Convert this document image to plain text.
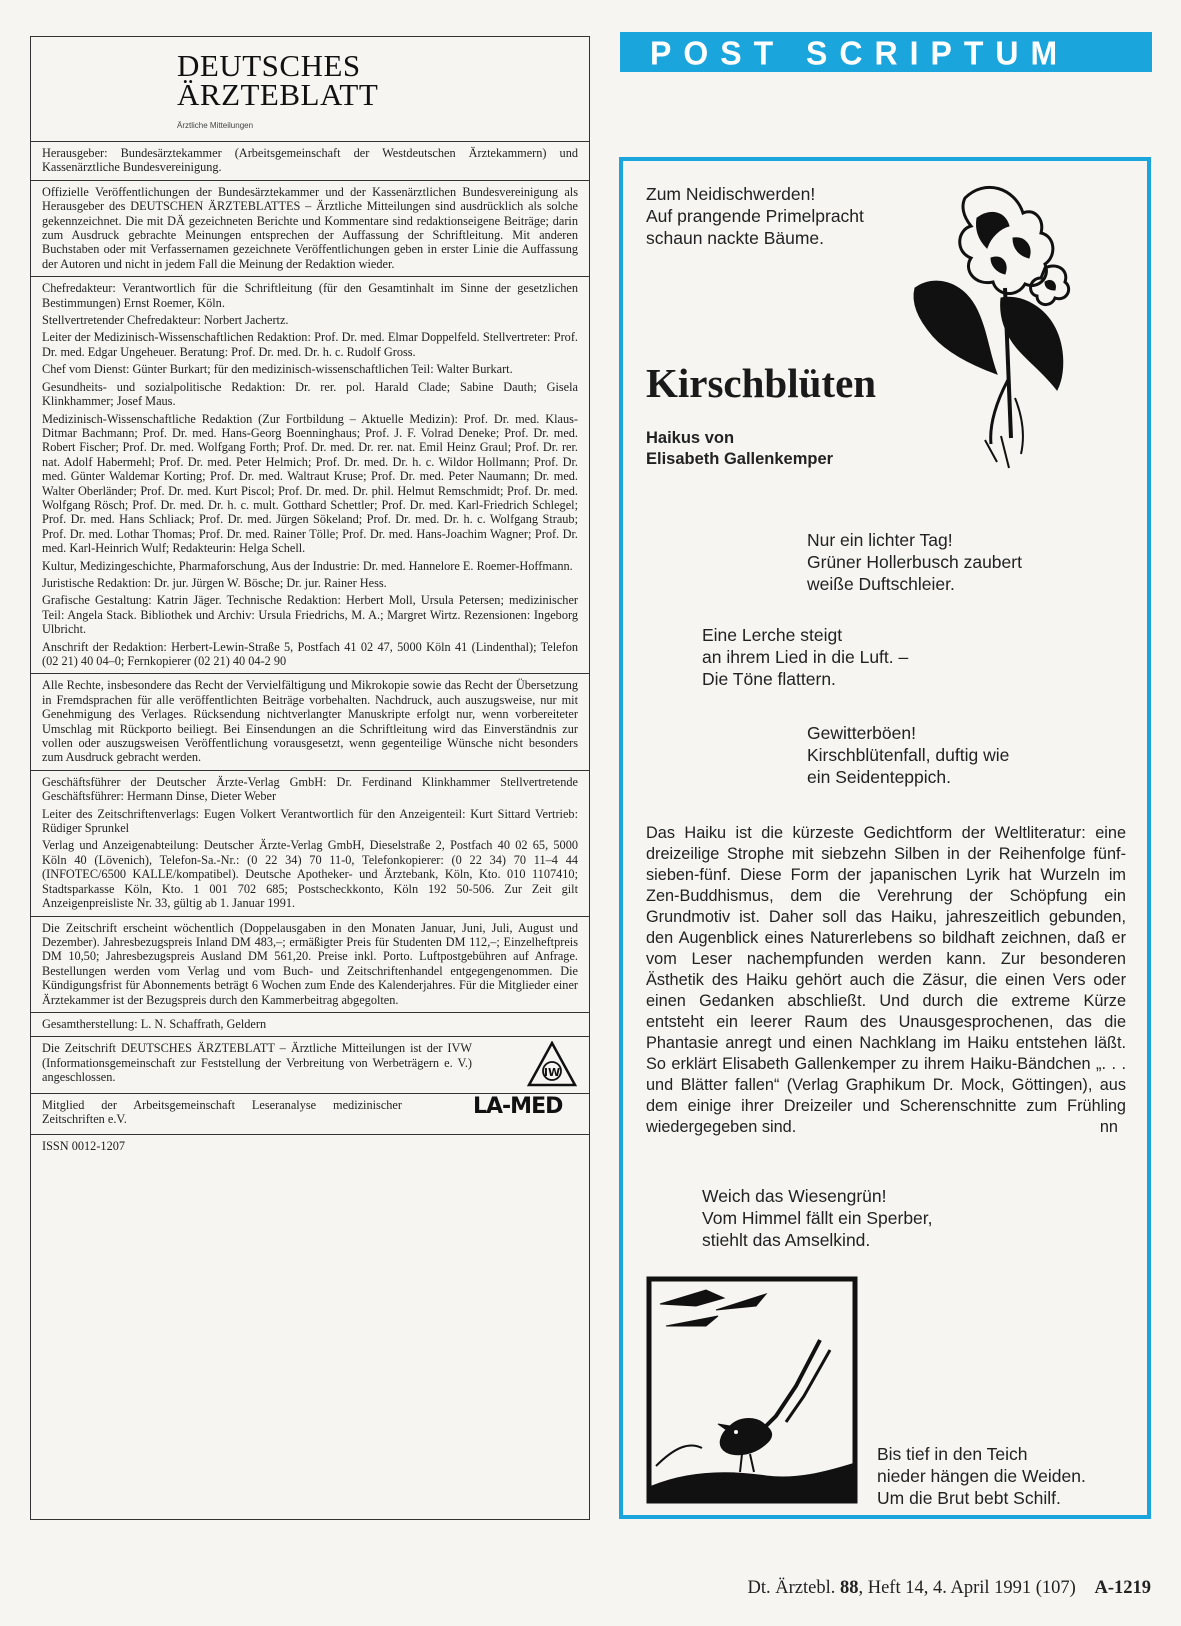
DEUTSCHES
ÄRZTEBLATT
Ärztliche Mitteilungen

Herausgeber: Bundesärztekammer (Arbeitsgemeinschaft der Westdeutschen Ärztekammern) und Kassenärztliche Bundesvereinigung.

Offizielle Veröffentlichungen der Bundesärztekammer und der Kassenärztlichen Bundesvereinigung als Herausgeber des DEUTSCHEN ÄRZTEBLATTES – Ärztliche Mitteilungen sind ausdrücklich als solche gekennzeichnet. Die mit DÄ gezeichneten Berichte und Kommentare sind redaktionseigene Beiträge; darin zum Ausdruck gebrachte Meinungen entsprechen der Auffassung der Schriftleitung. Mit anderen Buchstaben oder mit Verfassernamen gezeichnete Veröffentlichungen geben in erster Linie die Auffassung der Autoren und nicht in jedem Fall die Meinung der Redaktion wieder.

Chefredakteur: Verantwortlich für die Schriftleitung (für den Gesamtinhalt im Sinne der gesetzlichen Bestimmungen) Ernst Roemer, Köln.

Stellvertretender Chefredakteur: Norbert Jachertz.

Leiter der Medizinisch-Wissenschaftlichen Redaktion: Prof. Dr. med. Elmar Doppelfeld. Stellvertreter: Prof. Dr. med. Edgar Ungeheuer. Beratung: Prof. Dr. med. Dr. h. c. Rudolf Gross.

Chef vom Dienst: Günter Burkart; für den medizinisch-wissenschaftlichen Teil: Walter Burkart.

Gesundheits- und sozialpolitische Redaktion: Dr. rer. pol. Harald Clade; Sabine Dauth; Gisela Klinkhammer; Josef Maus.

Medizinisch-Wissenschaftliche Redaktion (Zur Fortbildung – Aktuelle Medizin): Prof. Dr. med. Klaus-Ditmar Bachmann; Prof. Dr. med. Hans-Georg Boenninghaus; Prof. J. F. Volrad Deneke; Prof. Dr. med. Robert Fischer; Prof. Dr. med. Wolfgang Forth; Prof. Dr. med. Dr. rer. nat. Emil Heinz Graul; Prof. Dr. rer. nat. Adolf Habermehl; Prof. Dr. med. Peter Helmich; Prof. Dr. med. Dr. h. c. Wildor Hollmann; Prof. Dr. med. Günter Waldemar Korting; Prof. Dr. med. Waltraut Kruse; Prof. Dr. med. Peter Naumann; Dr. med. Walter Oberländer; Prof. Dr. med. Kurt Piscol; Prof. Dr. med. Dr. phil. Helmut Remschmidt; Prof. Dr. med. Wolfgang Rösch; Prof. Dr. med. Dr. h. c. mult. Gotthard Schettler; Prof. Dr. med. Karl-Friedrich Schlegel; Prof. Dr. med. Hans Schliack; Prof. Dr. med. Jürgen Sökeland; Prof. Dr. med. Dr. h. c. Wolfgang Straub; Prof. Dr. med. Lothar Thomas; Prof. Dr. med. Rainer Tölle; Prof. Dr. med. Hans-Joachim Wagner; Prof. Dr. med. Karl-Heinrich Wulf; Redakteurin: Helga Schell.

Kultur, Medizingeschichte, Pharmaforschung, Aus der Industrie: Dr. med. Hannelore E. Roemer-Hoffmann.

Juristische Redaktion: Dr. jur. Jürgen W. Bösche; Dr. jur. Rainer Hess.

Grafische Gestaltung: Katrin Jäger. Technische Redaktion: Herbert Moll, Ursula Petersen; medizinischer Teil: Angela Stack. Bibliothek und Archiv: Ursula Friedrichs, M. A.; Margret Wirtz. Rezensionen: Ingeborg Ulbricht.

Anschrift der Redaktion: Herbert-Lewin-Straße 5, Postfach 41 02 47, 5000 Köln 41 (Lindenthal); Telefon (02 21) 40 04–0; Fernkopierer (02 21) 40 04-2 90

Alle Rechte, insbesondere das Recht der Vervielfältigung und Mikrokopie sowie das Recht der Übersetzung in Fremdsprachen für alle veröffentlichten Beiträge vorbehalten. Nachdruck, auch auszugsweise, nur mit Genehmigung des Verlages. Rücksendung nichtverlangter Manuskripte erfolgt nur, wenn vorbereiteter Umschlag mit Rückporto beiliegt. Bei Einsendungen an die Schriftleitung wird das Einverständnis zur vollen oder auszugsweisen Veröffentlichung vorausgesetzt, wenn gegenteilige Wünsche nicht besonders zum Ausdruck gebracht werden.

Geschäftsführer der Deutscher Ärzte-Verlag GmbH: Dr. Ferdinand Klinkhammer Stellvertretende Geschäftsführer: Hermann Dinse, Dieter Weber

Leiter des Zeitschriftenverlags: Eugen Volkert Verantwortlich für den Anzeigenteil: Kurt Sittard Vertrieb: Rüdiger Sprunkel

Verlag und Anzeigenabteilung: Deutscher Ärzte-Verlag GmbH, Dieselstraße 2, Postfach 40 02 65, 5000 Köln 40 (Lövenich), Telefon-Sa.-Nr.: (0 22 34) 70 11-0, Telefonkopierer: (0 22 34) 70 11–4 44 (INFOTEC/6500 KALLE/kompatibel). Deutsche Apotheker- und Ärztebank, Köln, Kto. 010 1107410; Stadtsparkasse Köln, Kto. 1 001 702 685; Postscheckkonto, Köln 192 50-506. Zur Zeit gilt Anzeigenpreisliste Nr. 33, gültig ab 1. Januar 1991.

Die Zeitschrift erscheint wöchentlich (Doppelausgaben in den Monaten Januar, Juni, Juli, August und Dezember). Jahresbezugspreis Inland DM 483,–; ermäßigter Preis für Studenten DM 112,–; Einzelheftpreis DM 10,50; Jahresbezugspreis Ausland DM 561,20. Preise inkl. Porto. Luftpostgebühren auf Anfrage. Bestellungen werden vom Verlag und vom Buch- und Zeitschriftenhandel entgegengenommen. Die Kündigungsfrist für Abonnements beträgt 6 Wochen zum Ende des Kalenderjahres. Für die Mitglieder einer Ärztekammer ist der Bezugspreis durch den Kammerbeitrag abgegolten.

Gesamtherstellung: L. N. Schaffrath, Geldern

Die Zeitschrift DEUTSCHES ÄRZTEBLATT – Ärztliche Mitteilungen ist der IVW (Informationsgemeinschaft zur Feststellung der Verbreitung von Werbeträgern e. V.) angeschlossen.	IW

Mitglied der Arbeitsgemeinschaft Leseranalyse medizinischer Zeitschriften e.V.

LA-MED
ISSN 0012-1207
POST SCRIPTUM
Zum Neidischwerden!
Auf prangende Primelpracht
schaun nackte Bäume.
Kirschblüten
Haikus von
Elisabeth Gallenkemper
Nur ein lichter Tag!
Grüner Hollerbusch zaubert
weiße Duftschleier.
Eine Lerche steigt
an ihrem Lied in die Luft. –
Die Töne flattern.
Gewitterböen!
Kirschblütenfall, duftig wie
ein Seidenteppich.
Das Haiku ist die kürzeste Gedichtform der Weltliteratur: eine dreizeilige Strophe mit siebzehn Silben in der Reihenfolge fünf-sieben-fünf. Diese Form der japanischen Lyrik hat Wurzeln im Zen-Buddhismus, dem die Verehrung der Schöpfung ein Grundmotiv ist. Daher soll das Haiku, jahreszeitlich gebunden, den Augenblick eines Naturerlebens so bildhaft zeichnen, daß er vom Leser nachempfunden werden kann. Zur besonderen Ästhetik des Haiku gehört auch die Zäsur, die einen Vers oder einen Gedanken abschließt. Und durch die extreme Kürze entsteht ein leerer Raum des Unausgesprochenen, das die Phantasie anregt und einen Nachklang im Haiku entstehen läßt. So erklärt Elisabeth Gallenkemper zu ihrem Haiku-Bändchen „. . . und Blätter fallen“ (Verlag Graphikum Dr. Mock, Göttingen), aus dem einige ihrer Dreizeiler und Scherenschnitte zum Frühling wiedergegeben sind.	nn
Weich das Wiesengrün!
Vom Himmel fällt ein Sperber,
stiehlt das Amselkind.
Bis tief in den Teich
nieder hängen die Weiden.
Um die Brut bebt Schilf.
Dt. Ärztebl. 88, Heft 14, 4. April 1991 (107) A-1219
